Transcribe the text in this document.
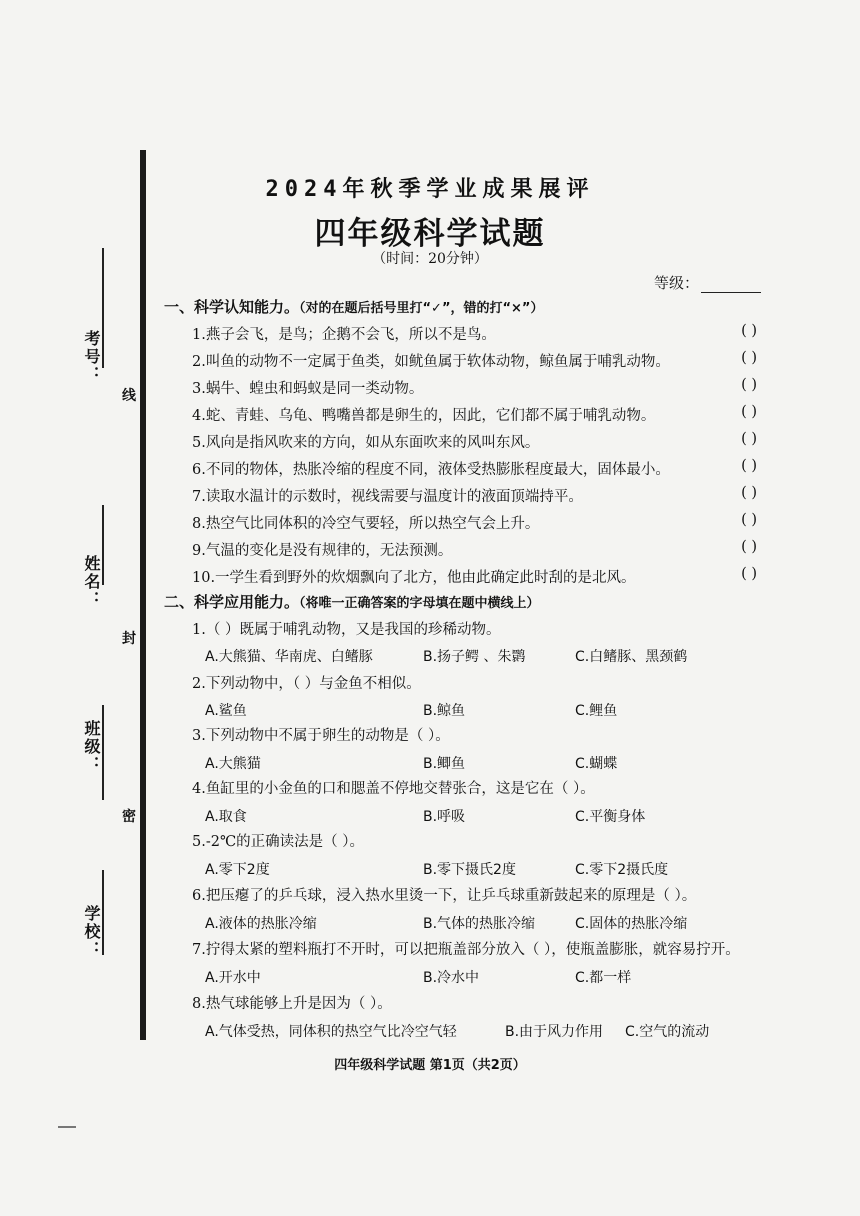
考号：
姓名：
班级：
学校：
线
封
密
2024年秋季学业成果展评
四年级科学试题
（时间：20分钟）
等级：
一、科学认知能力。（对的在题后括号里打“✓”，错的打“×”）
1.燕子会飞，是鸟；企鹅不会飞，所以不是鸟。	( )
2.叫鱼的动物不一定属于鱼类，如鱿鱼属于软体动物，鲸鱼属于哺乳动物。	( )
3.蜗牛、蝗虫和蚂蚁是同一类动物。	( )
4.蛇、青蛙、乌龟、鸭嘴兽都是卵生的，因此，它们都不属于哺乳动物。	( )
5.风向是指风吹来的方向，如从东面吹来的风叫东风。	( )
6.不同的物体，热胀冷缩的程度不同，液体受热膨胀程度最大，固体最小。	( )
7.读取水温计的示数时，视线需要与温度计的液面顶端持平。	( )
8.热空气比同体积的冷空气要轻，所以热空气会上升。	( )
9.气温的变化是没有规律的，无法预测。	( )
10.一学生看到野外的炊烟飘向了北方，他由此确定此时刮的是北风。	( )
二、科学应用能力。（将唯一正确答案的字母填在题中横线上）
1.（ ）既属于哺乳动物，又是我国的珍稀动物。
A.大熊猫、华南虎、白鳍豚	B.扬子鳄 、朱鹮	C.白鳍豚、黑颈鹤
2.下列动物中，（ ）与金鱼不相似。
A.鲨鱼	B.鲸鱼	C.鲤鱼
3.下列动物中不属于卵生的动物是（ ）。
A.大熊猫	B.鲫鱼	C.蝴蝶
4.鱼缸里的小金鱼的口和腮盖不停地交替张合，这是它在（ ）。
A.取食	B.呼吸	C.平衡身体
5.-2℃的正确读法是（ ）。
A.零下2度	B.零下摄氏2度	C.零下2摄氏度
6.把压瘪了的乒乓球，浸入热水里烫一下，让乒乓球重新鼓起来的原理是（ ）。
A.液体的热胀冷缩	B.气体的热胀冷缩	C.固体的热胀冷缩
7.拧得太紧的塑料瓶打不开时，可以把瓶盖部分放入（ ），使瓶盖膨胀，就容易拧开。
A.开水中	B.冷水中	C.都一样
8.热气球能够上升是因为（ ）。
A.气体受热，同体积的热空气比冷空气轻	B.由于风力作用 C.空气的流动
四年级科学试题 第1页（共2页）
